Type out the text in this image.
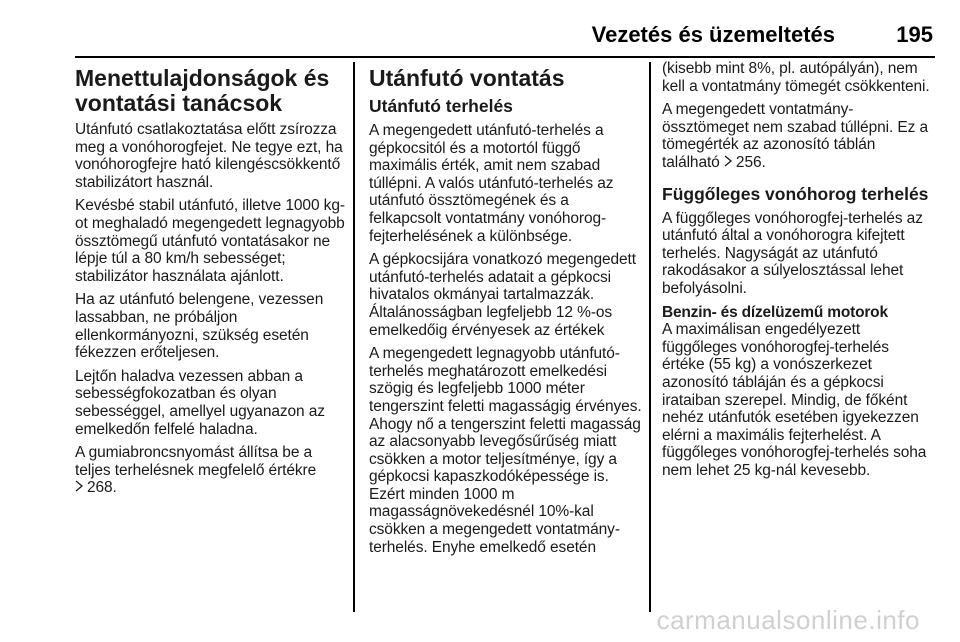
Vezetés és üzemeltetés	195
Menettulajdonságok és vontatási tanácsok

Utánfutó csatlakoztatása előtt zsírozza meg a vonóhorogfejet. Ne tegye ezt, ha vonóhorogfejre ható kilengéscsökkentő stabilizátort használ.

Kevésbé stabil utánfutó, illetve 1000 kg-ot meghaladó megengedett legnagyobb össztömegű utánfutó vontatásakor ne lépje túl a 80 km/h sebességet; stabilizátor használata ajánlott.

Ha az utánfutó belengene, vezessen lassabban, ne próbáljon ellenkormányozni, szükség esetén fékezzen erőteljesen.

Lejtőn haladva vezessen abban a sebességfokozatban és olyan sebességgel, amellyel ugyanazon az emelkedőn felfelé haladna.

A gumiabroncsnyomást állítsa be a teljes terhelésnek megfelelő értékre
268.

Utánfutó vontatás
Utánfutó terhelés

A megengedett utánfutó-terhelés a gépkocsitól és a motortól függő maximális érték, amit nem szabad túllépni. A valós utánfutó-terhelés az utánfutó össztömegének és a felkapcsolt vontatmány vonóhorog-fejterhelésének a különbsége.

A gépkocsijára vonatkozó megengedett utánfutó-terhelés adatait a gépkocsi hivatalos okmányai tartalmazzák.

Általánosságban legfeljebb 12 %-os emelkedőig érvényesek az értékek

A megengedett legnagyobb utánfutó-terhelés meghatározott emelkedési szögig és legfeljebb 1000 méter tengerszint feletti magasságig érvényes. Ahogy nő a tengerszint feletti magasság az alacsonyabb levegősűrűség miatt csökken a motor teljesítménye, így a gépkocsi kapaszkodóképessége is. Ezért minden 1000 m magasságnövekedésnél 10%-kal csökken a megengedett vontatmány-terhelés. Enyhe emelkedő esetén

(kisebb mint 8%, pl. autópályán), nem kell a vontatmány tömegét csökkenteni.

A megengedett vontatmány-össztömeget nem szabad túllépni. Ez a tömegérték az azonosító táblán található 256.

Függőleges vonóhorog terhelés

A függőleges vonóhorogfej-terhelés az utánfutó által a vonóhorogra kifejtett terhelés. Nagyságát az utánfutó rakodásakor a súlyelosztással lehet befolyásolni.

Benzin- és dízelüzemű motorok

A maximálisan engedélyezett függőleges vonóhorogfej-terhelés értéke (55 kg) a vonószerkezet azonosító tábláján és a gépkocsi irataiban szerepel. Mindig, de főként nehéz utánfutók esetében igyekezzen elérni a maximális fejterhelést. A függőleges vonóhorogfej-terhelés soha nem lehet 25 kg-nál kevesebb.

carmanualsonline.info
